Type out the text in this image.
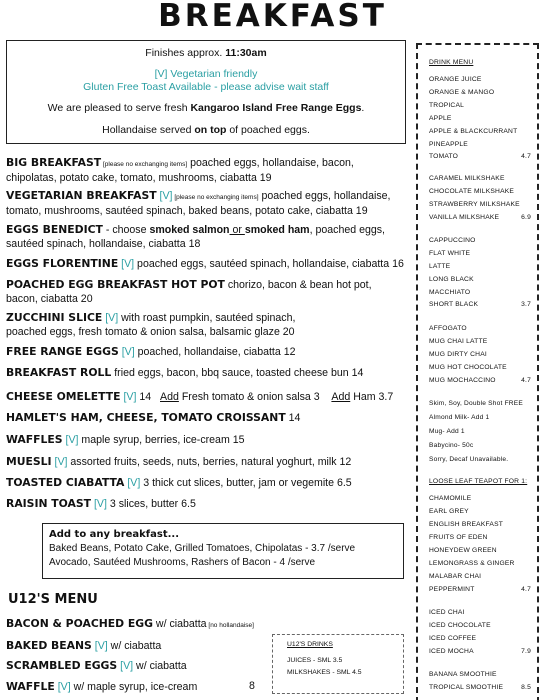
BREAKFAST
Finishes approx. 11:30am
[V] Vegetarian friendly
Gluten Free Toast Available - please advise wait staff
We are pleased to serve fresh Kangaroo Island Free Range Eggs.
Hollandaise served on top of poached eggs.
BIG BREAKFAST [please no exchanging items] poached eggs, hollandaise, bacon,
chipolatas, potato cake, tomato, mushrooms, ciabatta 19
VEGETARIAN BREAKFAST [V] [please no exchanging items] poached eggs, hollandaise,
tomato, mushrooms, sautéed spinach, baked beans, potato cake, ciabatta 19
EGGS BENEDICT - choose smoked salmon or smoked ham, poached eggs,
sautéed spinach, hollandaise, ciabatta 18
EGGS FLORENTINE [V] poached eggs, sautéed spinach, hollandaise, ciabatta 16
POACHED EGG BREAKFAST HOT POT chorizo, bacon & bean hot pot,
bacon, ciabatta 20
ZUCCHINI SLICE [V] with roast pumpkin, sautéed spinach,
poached eggs, fresh tomato & onion salsa, balsamic glaze 20
FREE RANGE EGGS [V] poached, hollandaise, ciabatta 12
BREAKFAST ROLL fried eggs, bacon, bbq sauce, toasted cheese bun 14
CHEESE OMELETTE [V] 14 Add Fresh tomato & onion salsa 3 Add Ham 3.7
HAMLET'S HAM, CHEESE, TOMATO CROISSANT 14
WAFFLES [V] maple syrup, berries, ice-cream 15
MUESLI [V] assorted fruits, seeds, nuts, berries, natural yoghurt, milk 12
TOASTED CIABATTA [V] 3 thick cut slices, butter, jam or vegemite 6.5
RAISIN TOAST [V] 3 slices, butter 6.5
Add to any breakfast...
Baked Beans, Potato Cake, Grilled Tomatoes, Chipolatas - 3.7 /serve
Avocado, Sautéed Mushrooms, Rashers of Bacon - 4 /serve
U12'S MENU
BACON & POACHED EGG w/ ciabatta [no hollandaise]
BAKED BEANS [V] w/ ciabatta
SCRAMBLED EGGS [V] w/ ciabatta
WAFFLE [V] w/ maple syrup, ice-cream	8
U12'S DRINKS
JUICES - SML 3.5
MILKSHAKES - SML 4.5
DRINK MENU
ORANGE JUICE
ORANGE & MANGO
TROPICAL
APPLE
APPLE & BLACKCURRANT
PINEAPPLE
TOMATO	4.7
CARAMEL MILKSHAKE
CHOCOLATE MILKSHAKE
STRAWBERRY MILKSHAKE
VANILLA MILKSHAKE	6.9
CAPPUCCINO
FLAT WHITE
LATTE
LONG BLACK
MACCHIATO
SHORT BLACK	3.7
AFFOGATO
MUG CHAI LATTE
MUG DIRTY CHAI
MUG HOT CHOCOLATE
MUG MOCHACCINO	4.7
Skim, Soy, Double Shot FREE
Almond Milk- Add 1
Mug- Add 1
Babycino- 50c
Sorry, Decaf Unavailable.
LOOSE LEAF TEAPOT FOR 1:
CHAMOMILE
EARL GREY
ENGLISH BREAKFAST
FRUITS OF EDEN
HONEYDEW GREEN
LEMONGRASS & GINGER
MALABAR CHAI
PEPPERMINT	4.7
ICED CHAI
ICED CHOCOLATE
ICED COFFEE
ICED MOCHA	7.9
BANANA SMOOTHIE
TROPICAL SMOOTHIE	8.5
